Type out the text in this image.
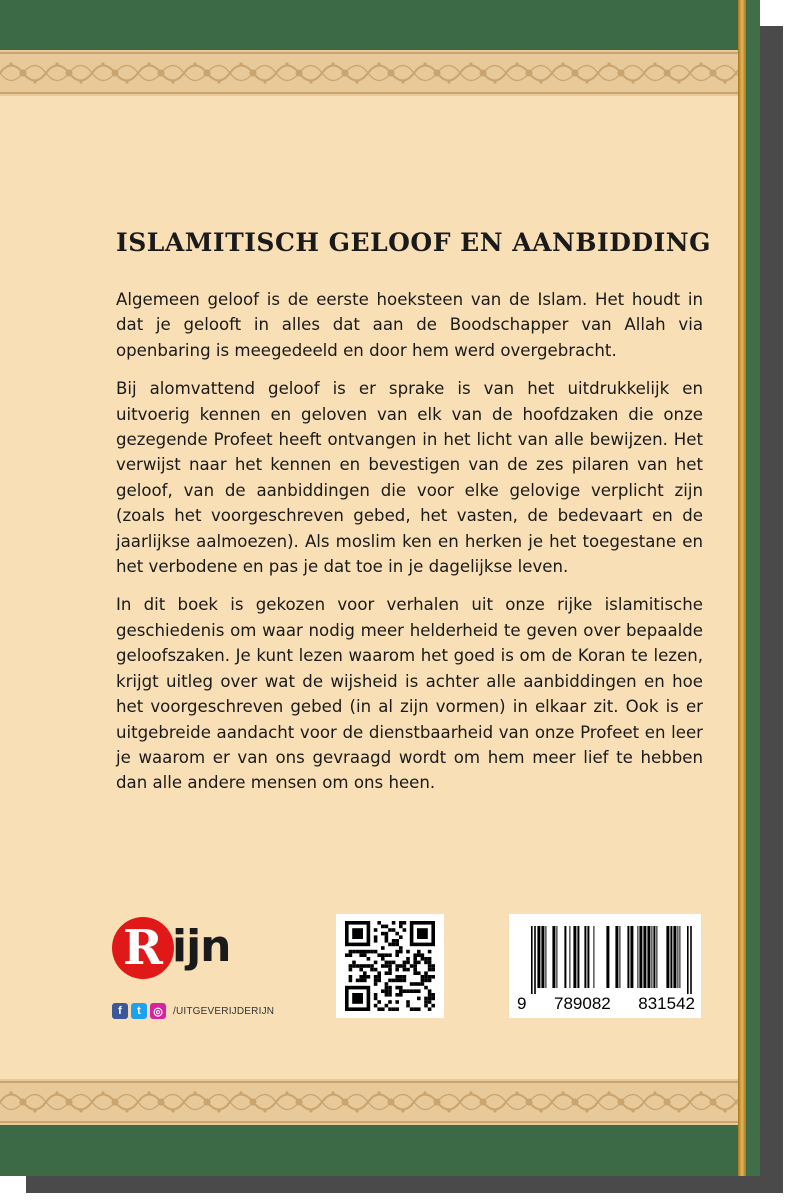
ISLAMITISCH GELOOF EN AANBIDDING

Algemeen geloof is de eerste hoeksteen van de Islam. Het houdt in dat je gelooft in alles dat aan de Boodschapper van Allah via openbaring is meegedeeld en door hem werd overgebracht.

Bij alomvattend geloof is er sprake is van het uitdrukkelijk en uitvoerig kennen en geloven van elk van de hoofdzaken die onze gezegende Profeet heeft ontvangen in het licht van alle bewijzen. Het verwijst naar het kennen en bevestigen van de zes pilaren van het geloof, van de aanbiddingen die voor elke gelovige verplicht zijn (zoals het voorgeschreven gebed, het vasten, de bedevaart en de jaarlijkse aalmoezen). Als moslim ken en herken je het toegestane en het verbodene en pas je dat toe in je dagelijkse leven.

In dit boek is gekozen voor verhalen uit onze rijke islamitische geschiedenis om waar nodig meer helderheid te geven over bepaalde geloofszaken. Je kunt lezen waarom het goed is om de Koran te lezen, krijgt uitleg over wat de wijsheid is achter alle aanbiddingen en hoe het voorgeschreven gebed (in al zijn vormen) in elkaar zit. Ook is er uitgebreide aandacht voor de dienstbaarheid van onze Profeet en leer je waarom er van ons gevraagd wordt om hem meer lief te hebben dan alle andere mensen om ons heen.

R ijn
f	t	◎	/UITGEVERIJDERIJN	9 789082 831542
